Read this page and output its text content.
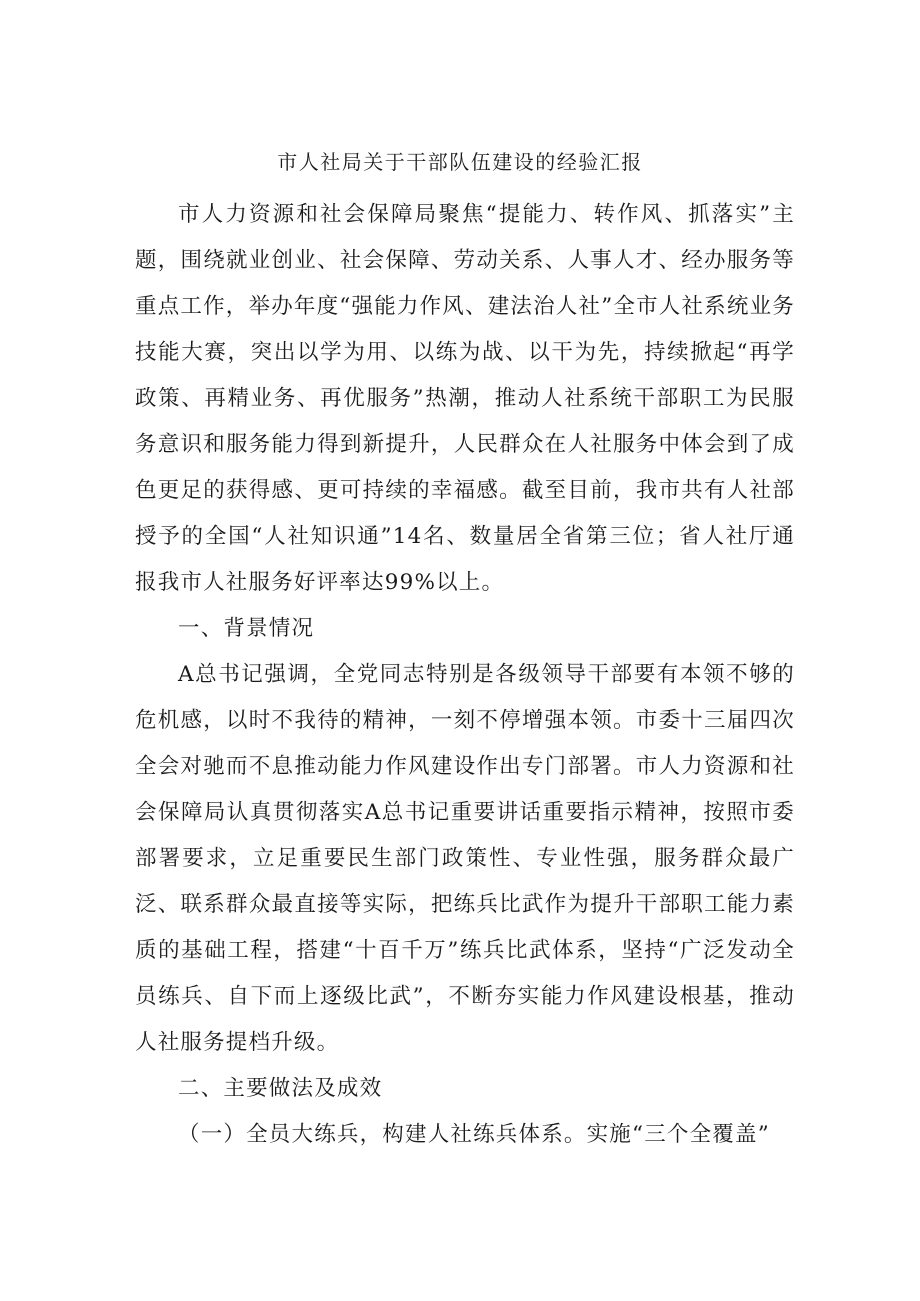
市人社局关于干部队伍建设的经验汇报

市人力资源和社会保障局聚焦“提能力、转作风、抓落实”主题，围绕就业创业、社会保障、劳动关系、人事人才、经办服务等重点工作，举办年度“强能力作风、建法治人社”全市人社系统业务技能大赛，突出以学为用、以练为战、以干为先，持续掀起“再学政策、再精业务、再优服务”热潮，推动人社系统干部职工为民服务意识和服务能力得到新提升，人民群众在人社服务中体会到了成色更足的获得感、更可持续的幸福感。截至目前，我市共有人社部授予的全国“人社知识通”14名、数量居全省第三位；省人社厅通报我市人社服务好评率达99%以上。

一、背景情况

A总书记强调，全党同志特别是各级领导干部要有本领不够的危机感，以时不我待的精神，一刻不停增强本领。市委十三届四次全会对驰而不息推动能力作风建设作出专门部署。市人力资源和社会保障局认真贯彻落实A总书记重要讲话重要指示精神，按照市委部署要求，立足重要民生部门政策性、专业性强，服务群众最广泛、联系群众最直接等实际，把练兵比武作为提升干部职工能力素质的基础工程，搭建“十百千万”练兵比武体系，坚持“广泛发动全员练兵、自下而上逐级比武”，不断夯实能力作风建设根基，推动人社服务提档升级。

二、主要做法及成效

（一）全员大练兵，构建人社练兵体系。实施“三个全覆盖”
